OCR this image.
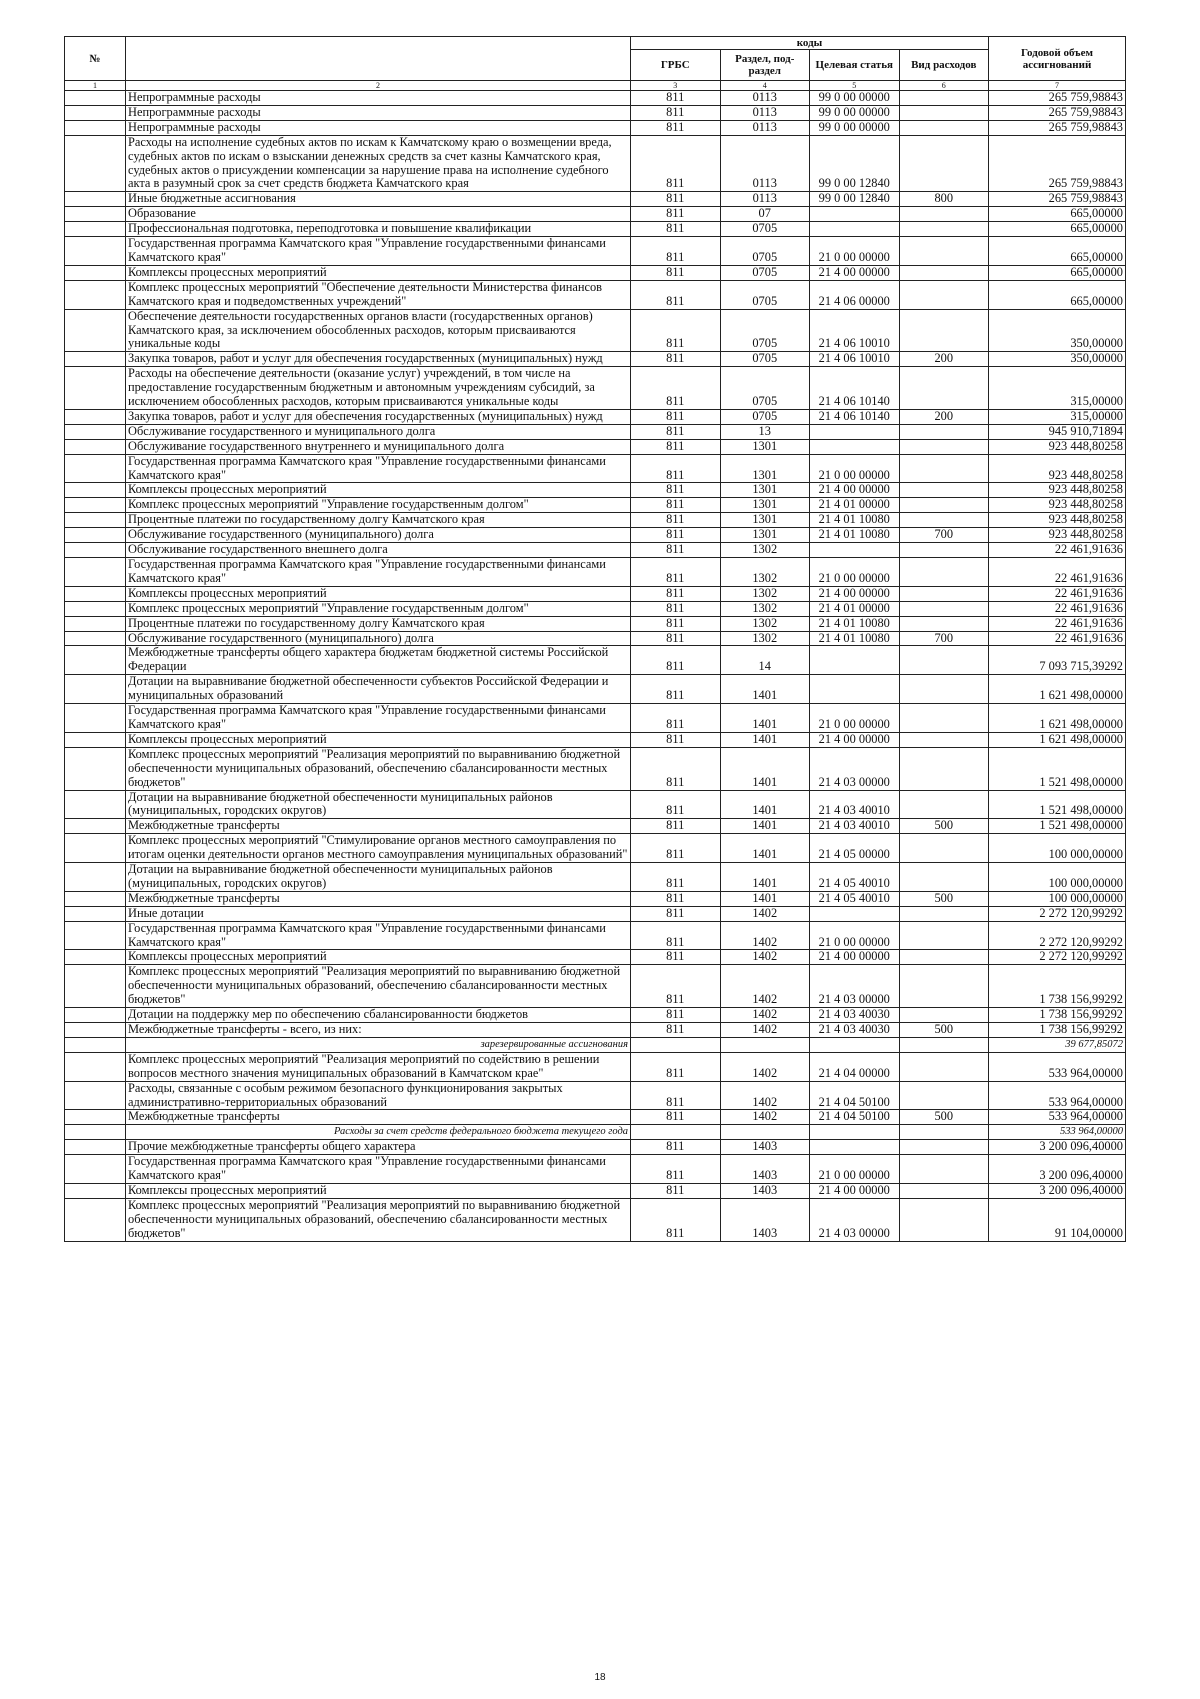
№		коды				Годовой объем ассигнований
		ГРБС	Раздел, под-раздел	Целевая статья	Вид расходов	
1	2	3	4	5	6	7
	Непрограммные расходы	811	0113	99 0 00 00000		265 759,98843
	Непрограммные расходы	811	0113	99 0 00 00000		265 759,98843
	Непрограммные расходы	811	0113	99 0 00 00000		265 759,98843
	Расходы на исполнение судебных актов по искам к Камчатскому краю о возмещении вреда, судебных актов по искам о взыскании денежных средств за счет казны Камчатского края, судебных актов о присуждении компенсации за нарушение права на исполнение судебного акта в разумный срок за счет средств бюджета Камчатского края	811	0113	99 0 00 12840		265 759,98843
	Иные бюджетные ассигнования	811	0113	99 0 00 12840	800	265 759,98843
	Образование	811	07			665,00000
	Профессиональная подготовка, переподготовка и повышение квалификации	811	0705			665,00000
	Государственная программа Камчатского края "Управление государственными финансами Камчатского края"	811	0705	21 0 00 00000		665,00000
	Комплексы процессных мероприятий	811	0705	21 4 00 00000		665,00000
	Комплекс процессных мероприятий "Обеспечение деятельности Министерства финансов Камчатского края и подведомственных учреждений"	811	0705	21 4 06 00000		665,00000
	Обеспечение деятельности государственных органов власти (государственных органов) Камчатского края, за исключением обособленных расходов, которым присваиваются уникальные коды	811	0705	21 4 06 10010		350,00000
	Закупка товаров, работ и услуг для обеспечения государственных (муниципальных) нужд	811	0705	21 4 06 10010	200	350,00000
	Расходы на обеспечение деятельности (оказание услуг) учреждений, в том числе на предоставление государственным бюджетным и автономным учреждениям субсидий, за исключением обособленных расходов, которым присваиваются уникальные коды	811	0705	21 4 06 10140		315,00000
	Закупка товаров, работ и услуг для обеспечения государственных (муниципальных) нужд	811	0705	21 4 06 10140	200	315,00000
	Обслуживание государственного и муниципального долга	811	13			945 910,71894
	Обслуживание государственного внутреннего и муниципального долга	811	1301			923 448,80258
	Государственная программа Камчатского края "Управление государственными финансами Камчатского края"	811	1301	21 0 00 00000		923 448,80258
	Комплексы процессных мероприятий	811	1301	21 4 00 00000		923 448,80258
	Комплекс процессных мероприятий "Управление государственным долгом"	811	1301	21 4 01 00000		923 448,80258
	Процентные платежи по государственному долгу Камчатского края	811	1301	21 4 01 10080		923 448,80258
	Обслуживание государственного (муниципального) долга	811	1301	21 4 01 10080	700	923 448,80258
	Обслуживание государственного внешнего долга	811	1302			22 461,91636
	Государственная программа Камчатского края "Управление государственными финансами Камчатского края"	811	1302	21 0 00 00000		22 461,91636
	Комплексы процессных мероприятий	811	1302	21 4 00 00000		22 461,91636
	Комплекс процессных мероприятий "Управление государственным долгом"	811	1302	21 4 01 00000		22 461,91636
	Процентные платежи по государственному долгу Камчатского края	811	1302	21 4 01 10080		22 461,91636
	Обслуживание государственного (муниципального) долга	811	1302	21 4 01 10080	700	22 461,91636
	Межбюджетные трансферты общего характера бюджетам бюджетной системы Российской Федерации	811	14			7 093 715,39292
	Дотации на выравнивание бюджетной обеспеченности субъектов Российской Федерации и муниципальных образований	811	1401			1 621 498,00000
	Государственная программа Камчатского края "Управление государственными финансами Камчатского края"	811	1401	21 0 00 00000		1 621 498,00000
	Комплексы процессных мероприятий	811	1401	21 4 00 00000		1 621 498,00000
	Комплекс процессных мероприятий "Реализация мероприятий по выравниванию бюджетной обеспеченности муниципальных образований, обеспечению сбалансированности местных бюджетов"	811	1401	21 4 03 00000		1 521 498,00000
	Дотации на выравнивание бюджетной обеспеченности муниципальных районов (муниципальных, городских округов)	811	1401	21 4 03 40010		1 521 498,00000
	Межбюджетные трансферты	811	1401	21 4 03 40010	500	1 521 498,00000
	Комплекс процессных мероприятий "Стимулирование органов местного самоуправления по итогам оценки деятельности органов местного самоуправления муниципальных образований"	811	1401	21 4 05 00000		100 000,00000
	Дотации на выравнивание бюджетной обеспеченности муниципальных районов (муниципальных, городских округов)	811	1401	21 4 05 40010		100 000,00000
	Межбюджетные трансферты	811	1401	21 4 05 40010	500	100 000,00000
	Иные дотации	811	1402			2 272 120,99292
	Государственная программа Камчатского края "Управление государственными финансами Камчатского края"	811	1402	21 0 00 00000		2 272 120,99292
	Комплексы процессных мероприятий	811	1402	21 4 00 00000		2 272 120,99292
	Комплекс процессных мероприятий "Реализация мероприятий по выравниванию бюджетной обеспеченности муниципальных образований, обеспечению сбалансированности местных бюджетов"	811	1402	21 4 03 00000		1 738 156,99292
	Дотации на поддержку мер по обеспечению сбалансированности бюджетов	811	1402	21 4 03 40030		1 738 156,99292
	Межбюджетные трансферты - всего, из них:	811	1402	21 4 03 40030	500	1 738 156,99292
	зарезервированные ассигнования					39 677,85072
	Комплекс процессных мероприятий "Реализация мероприятий по содействию в решении вопросов местного значения муниципальных образований в Камчатском крае"	811	1402	21 4 04 00000		533 964,00000
	Расходы, связанные с особым режимом безопасного функционирования закрытых административно-территориальных образований	811	1402	21 4 04 50100		533 964,00000
	Межбюджетные трансферты	811	1402	21 4 04 50100	500	533 964,00000
	Расходы за счет средств федерального бюджета текущего года					533 964,00000
	Прочие межбюджетные трансферты общего характера	811	1403			3 200 096,40000
	Государственная программа Камчатского края "Управление государственными финансами Камчатского края"	811	1403	21 0 00 00000		3 200 096,40000
	Комплексы процессных мероприятий	811	1403	21 4 00 00000		3 200 096,40000
	Комплекс процессных мероприятий "Реализация мероприятий по выравниванию бюджетной обеспеченности муниципальных образований, обеспечению сбалансированности местных бюджетов"	811	1403	21 4 03 00000		91 104,00000
18
